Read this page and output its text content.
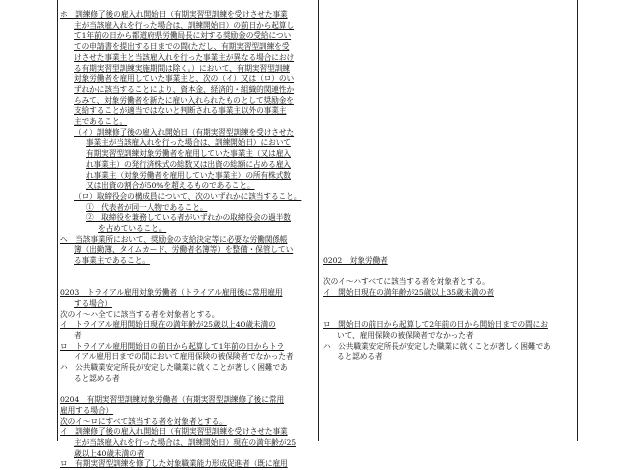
ホ　訓練修了後の雇入れ開始日（有期実習型訓練を受けさせた事業
主が当該雇入れを行った場合は、訓練開始日）の前日から起算し
て1年前の日から都道府県労働局長に対する奨励金の受給につい
ての申請書を提出する日までの間(ただし、有期実習型訓練を受
けさせた事業主と当該雇入れを行った事業主が異なる場合におけ
る有期実習型訓練実施期間は除く。）において、有期実習型訓練
対象労働者を雇用していた事業主と、次の（イ）又は（ロ）のい
ずれかに該当することにより、資本金、経済的・組織的関連性か
らみて、対象労働者を新たに雇い入れられたものとして奨励金を
支給することが適当ではないと判断される事業主以外の事業主
主であること。
（イ）訓練修了後の雇入れ開始日（有期実習型訓練を受けさせた
事業主が当該雇入れを行った場合は、訓練開始日）において
有期実習型訓練対象労働者を雇用していた事業主（又は雇入
れ事業主）の発行済株式の総数又は出資の総額に占める雇入
れ事業主（対象労働者を雇用していた事業主）の所有株式数
又は出資の割合が50%を超えるものであること。
（ロ）取締役会の構成員について、次のいずれかに該当すること。
①　代表者が同一人物であること。
②　取締役を兼務している者がいずれかの取締役会の過半数
を占めていること。
ヘ　当該事業所において、奨励金の支給決定等に必要な労働関係帳
簿（出勤簿、タイムカード、労働者名簿等）を整備・保管してい
る事業主であること。
0203　トライアル雇用対象労働者（トライアル雇用後に常用雇用
する場合）
次のイ～ハ全てに該当する者を対象者とする。
イ　トライアル雇用開始日現在の満年齢が25歳以上40歳未満の
者
ロ　トライアル雇用開始日の前日から起算して1年前の日からトラ
イアル雇用日までの間において雇用保険の被保険者でなかった者
ハ　公共職業安定所長が安定した職業に就くことが著しく困難であ
ると認める者
0204　有期実習型訓練対象労働者（有期実習型訓練修了後に常用
雇用する場合）
次のイ～ロにすべて該当する者を対象者とする。
イ　訓練修了後の雇入れ開始日（有期実習型訓練を受けさせた事業
主が当該雇入れを行った場合は、訓練開始日）現在の満年齢が25
歳以上40歳未満の者
ロ　有期実習型訓練を修了した対象職業能力形成促進者（既に雇用
0202　対象労働者
次のイ～ハすべてに該当する者を対象者とする。
イ　開始日現在の満年齢が25歳以上35歳未満の者
ロ　開始日の前日から起算して2年前の日から開始日までの間にお
いて、雇用保険の被保険者でなかった者
ハ　公共職業安定所長が安定した職業に就くことが著しく困難であ
ると認める者
